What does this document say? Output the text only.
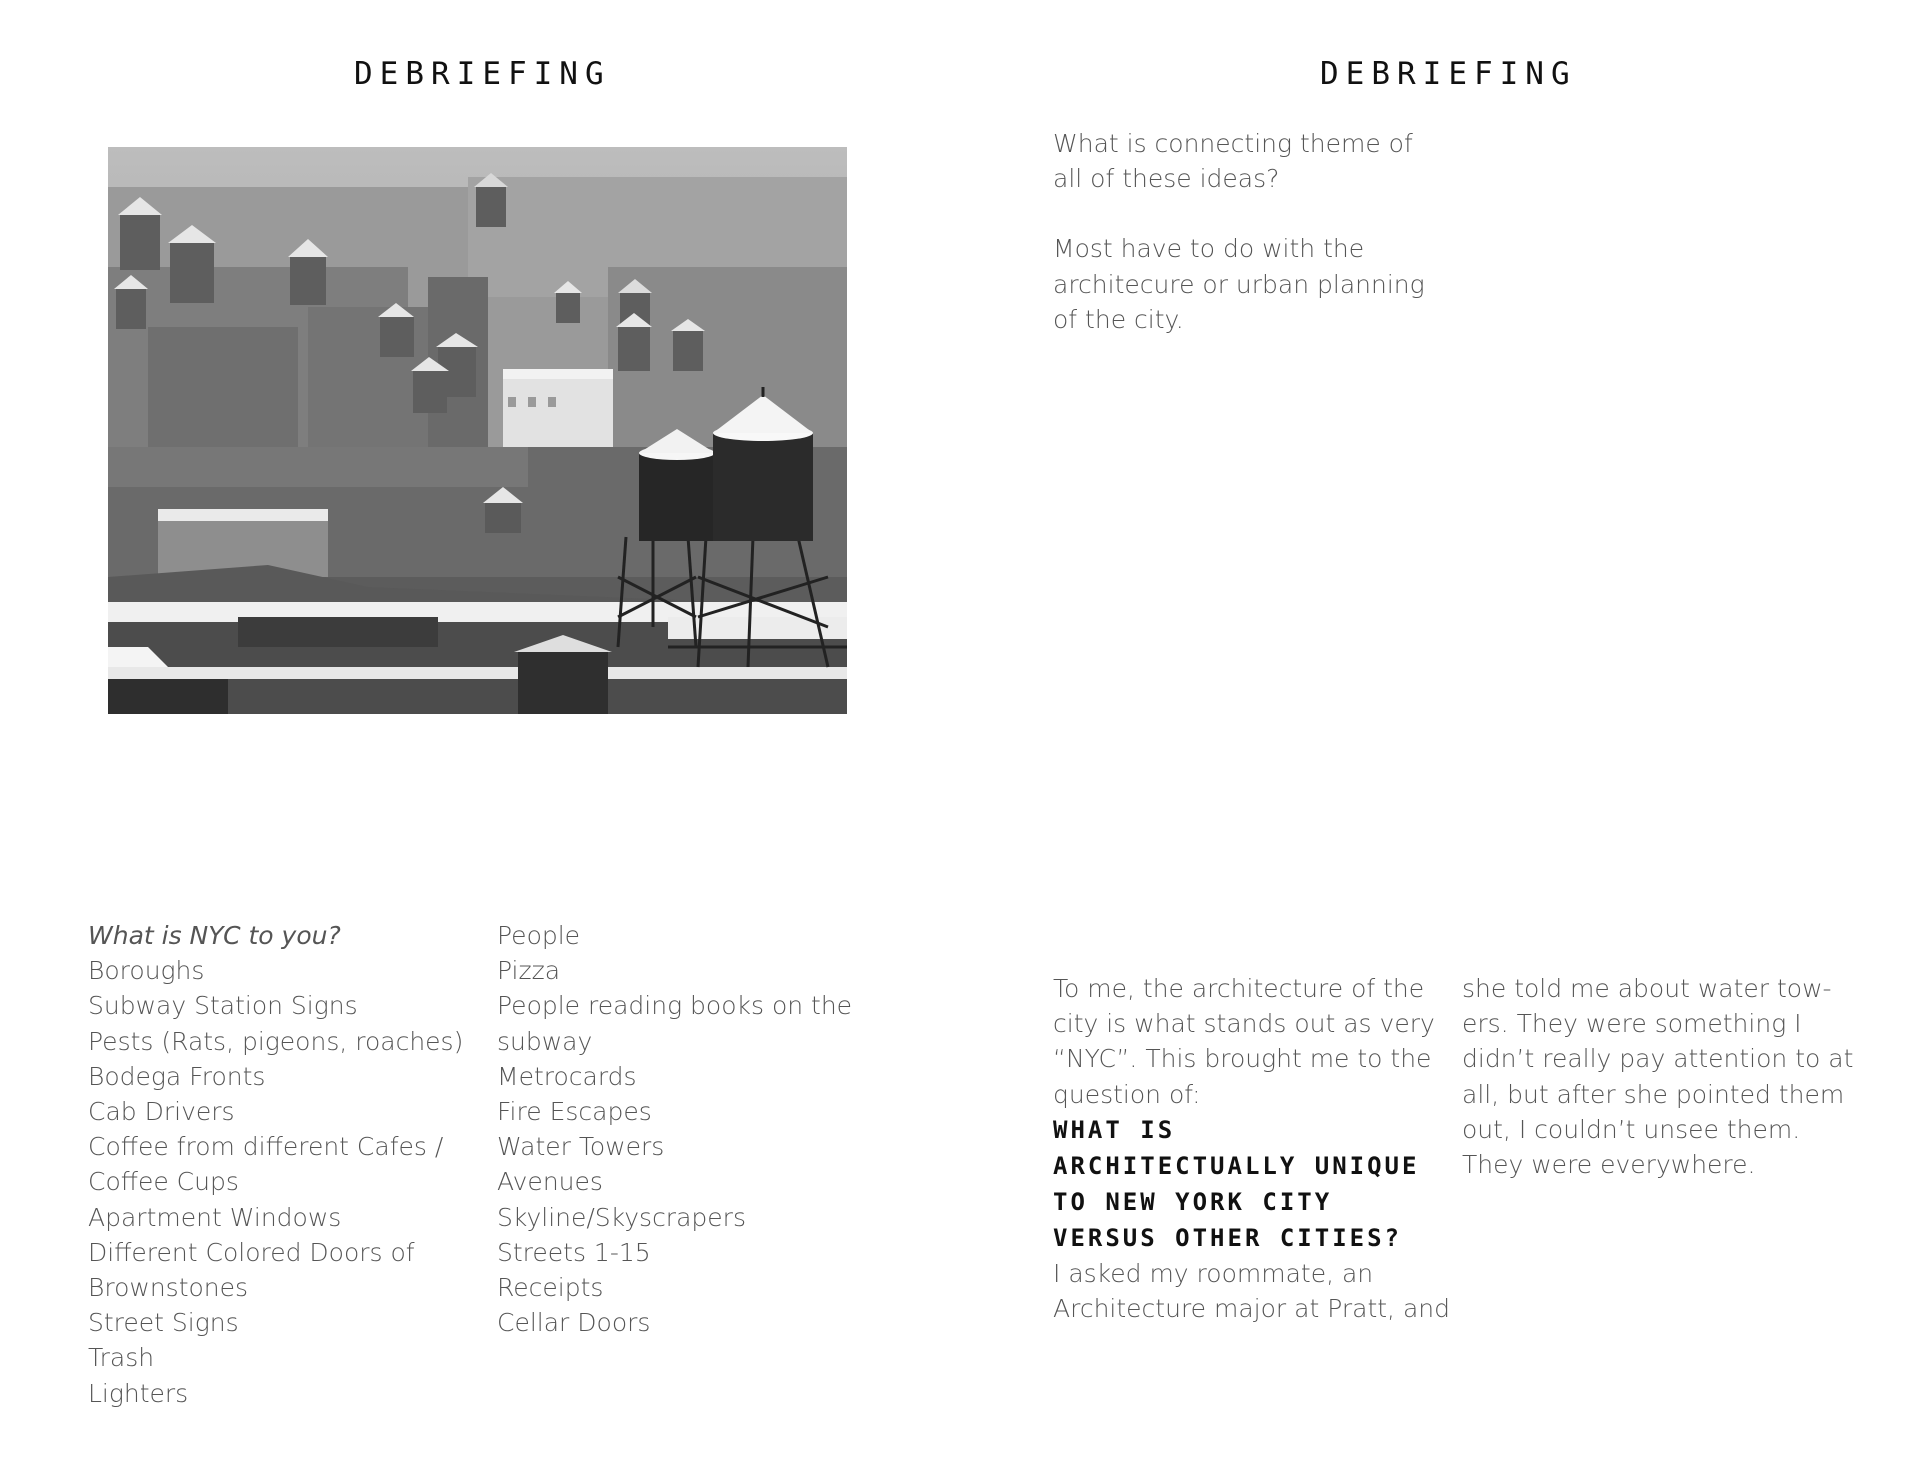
DEBRIEFING

What is NYC to you?

Boroughs
Subway Station Signs
Pests (Rats, pigeons, roaches)
Bodega Fronts
Cab Drivers
Coffee from different Cafes /
Coffee Cups
Apartment Windows
Different Colored Doors of
Brownstones
Street Signs
Trash
Lighters
People
Pizza
People reading books on the
subway
Metrocards
Fire Escapes
Water Towers
Avenues
Skyline/Skyscrapers
Streets 1-15
Receipts
Cellar Doors
DEBRIEFING

What is connecting theme of
all of these ideas?

Most have to do with the
architecure or urban planning
of the city.

To me, the architecture of the
city is what stands out as very
“NYC”. This brought me to the
question of:

WHAT IS
ARCHITECTUALLY UNIQUE
TO NEW YORK CITY
VERSUS OTHER CITIES?

I asked my roommate, an
Architecture major at Pratt, and

she told me about water tow-
ers. They were something I
didn’t really pay attention to at
all, but after she pointed them
out, I couldn’t unsee them.
They were everywhere.
